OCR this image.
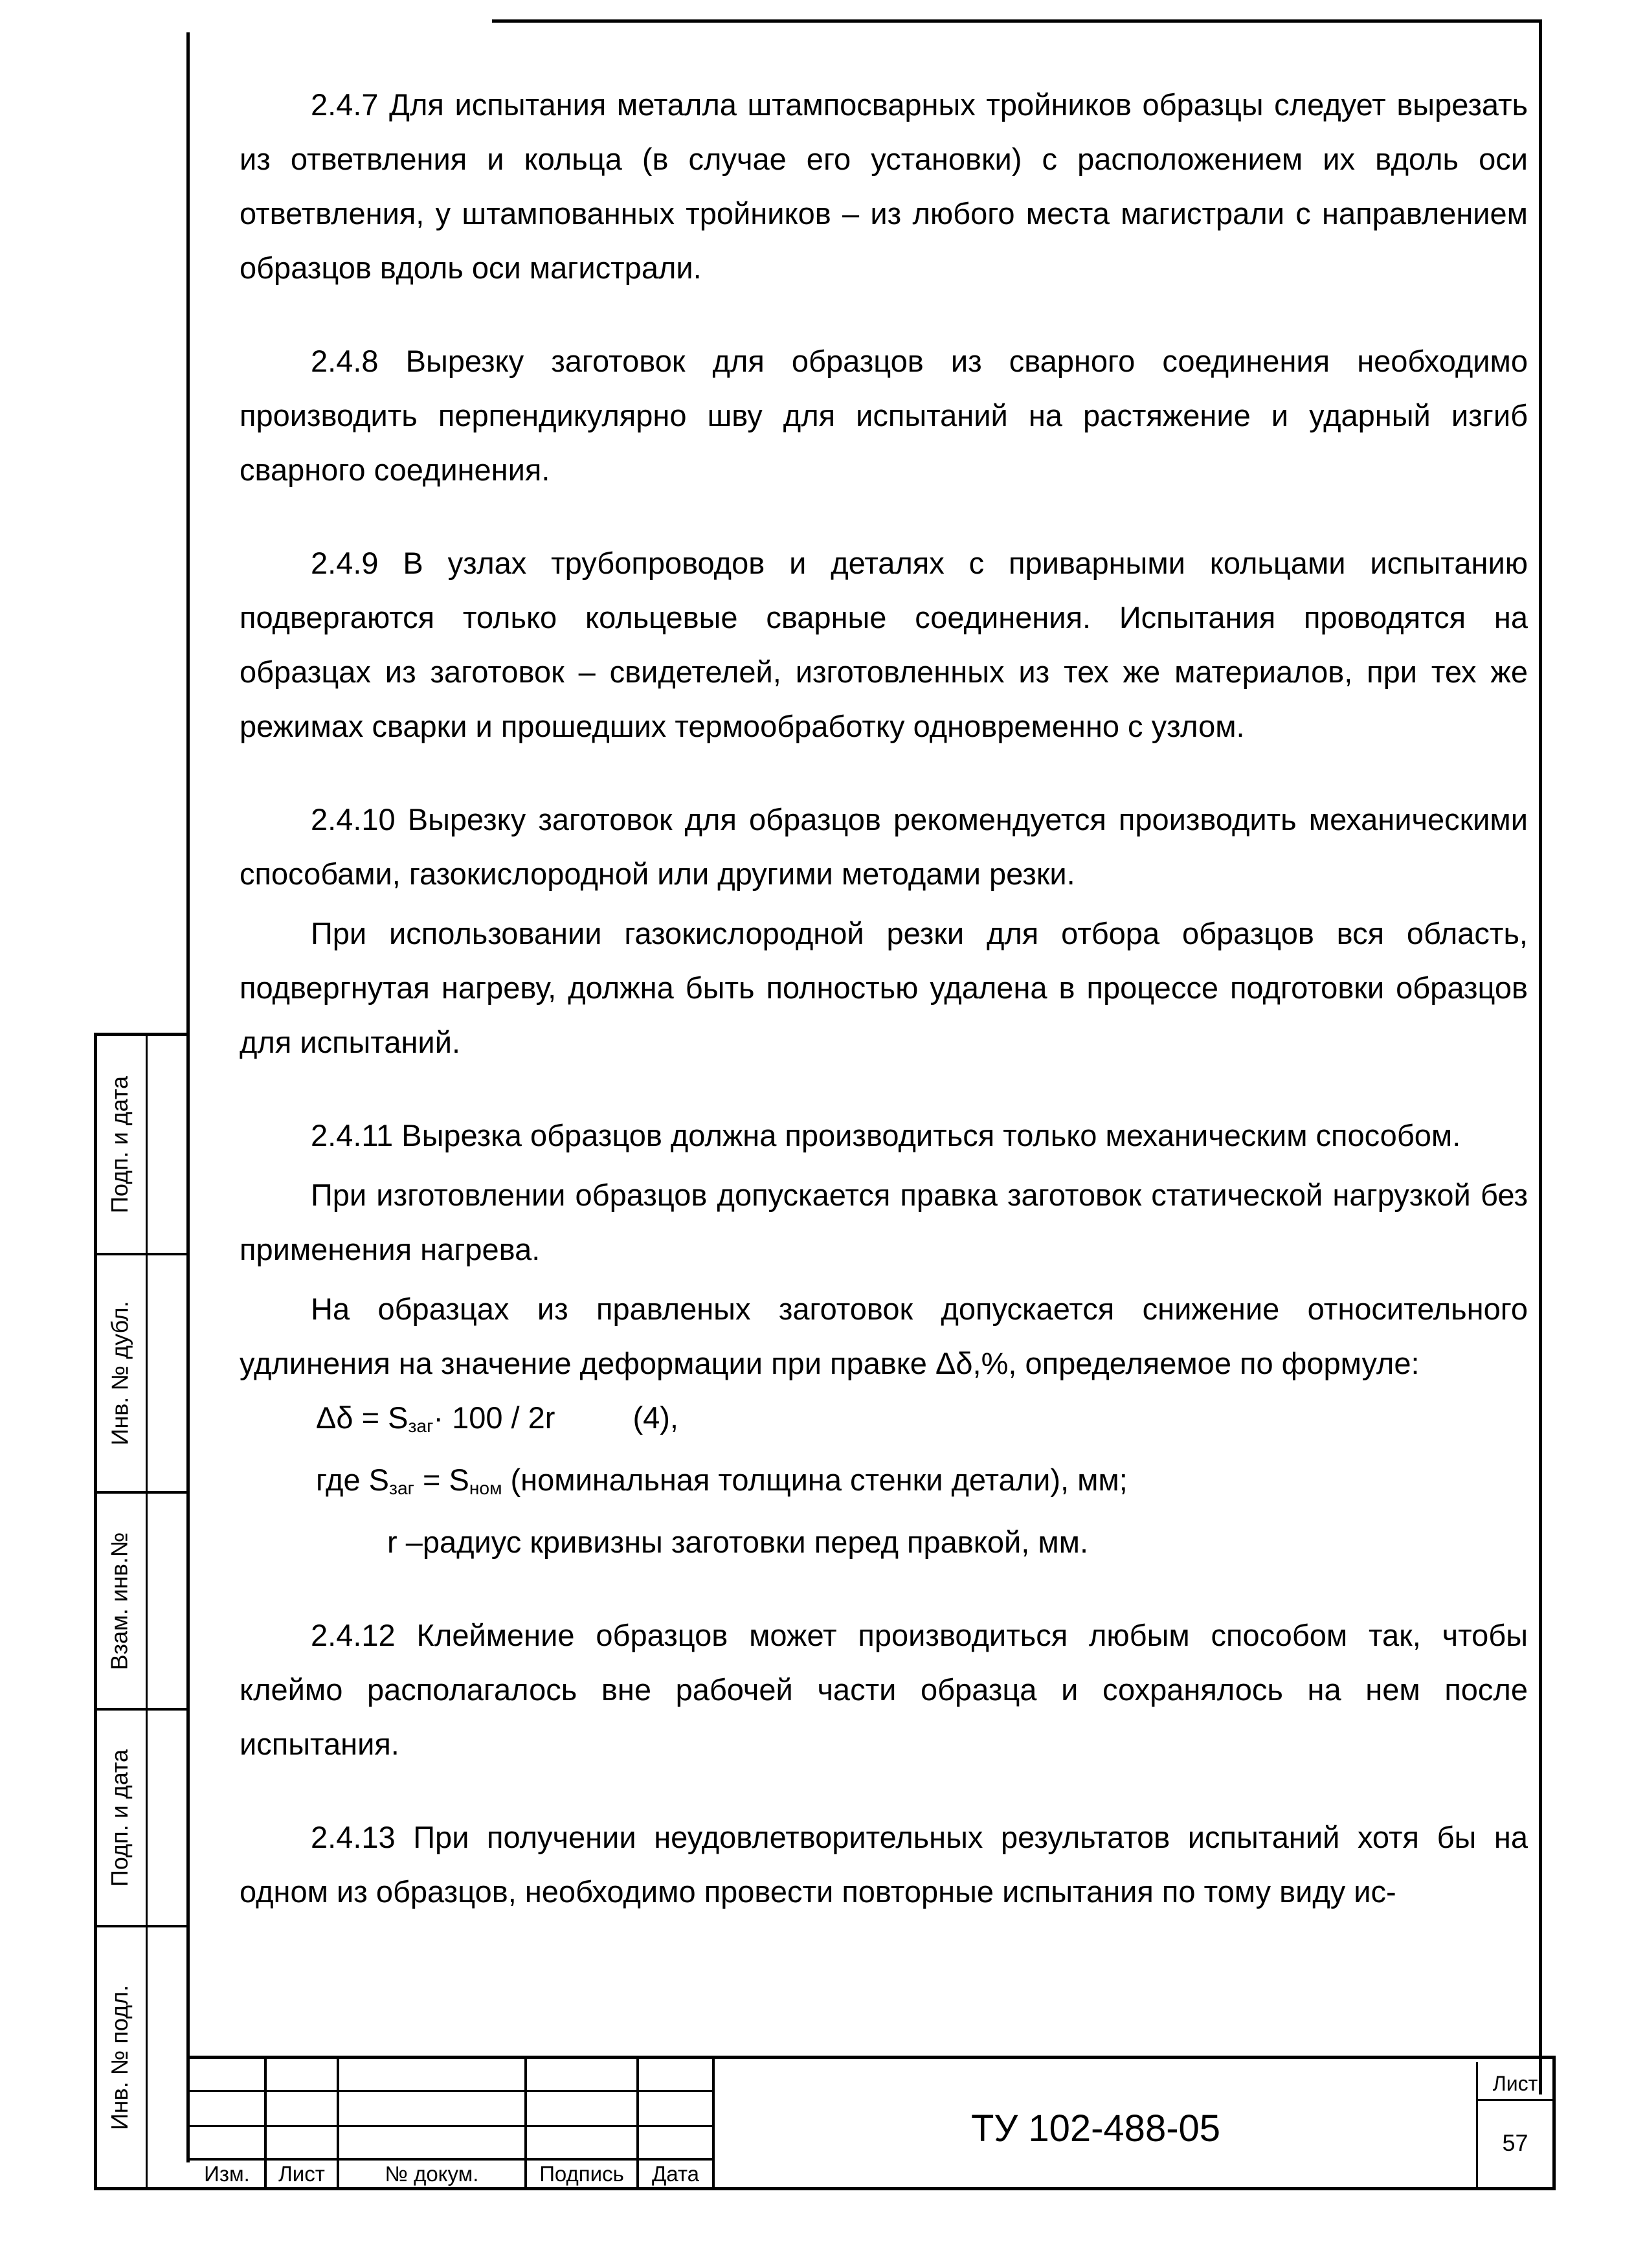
2.4.7 Для испытания металла штампосварных тройников образцы следует вырезать из ответвления и кольца (в случае его установки) с расположением их вдоль оси ответвления, у штампованных тройников – из любого места магистрали с направлением образцов вдоль оси магистрали.

2.4.8 Вырезку заготовок для образцов из сварного соединения необходимо производить перпендикулярно шву для испытаний на растяжение и ударный изгиб сварного соединения.

2.4.9 В узлах трубопроводов и деталях с приварными кольцами испытанию подвергаются только кольцевые сварные соединения. Испытания проводятся на образцах из заготовок – свидетелей, изготовленных из тех же материалов, при тех же режимах сварки и прошедших термообработку одновременно с узлом.

2.4.10 Вырезку заготовок для образцов рекомендуется производить механическими способами, газокислородной или другими методами резки.

При использовании газокислородной резки для отбора образцов вся область, подвергнутая нагреву, должна быть полностью удалена в процессе подготовки образцов для испытаний.

2.4.11 Вырезка образцов должна производиться только механическим способом.

При изготовлении образцов допускается правка заготовок статической нагрузкой без применения нагрева.

На образцах из правленых заготовок допускается снижение относительного удлинения на значение деформации при правке Δδ,%, определяемое по формуле:

$\Delta\delta = S_{заг}\cdot 100 / 2r$	(4),
где $S_{заг} = S_{ном}$ (номинальная толщина стенки детали), мм;
r –радиус кривизны заготовки перед правкой, мм.

2.4.12 Клеймение образцов может производиться любым способом так, чтобы клеймо располагалось вне рабочей части образца и сохранялось на нем после испытания.

2.4.13 При получении неудовлетворительных результатов испытаний хотя бы на одном из образцов, необходимо провести повторные испытания по тому виду ис-

Подп. и дата
Инв. № дубл.
Взам. инв.№
Подп. и дата
Инв. № подл.
Изм.	Лист	№ докум.	Подпись	Дата
ТУ 102-488-05
Лист
57
